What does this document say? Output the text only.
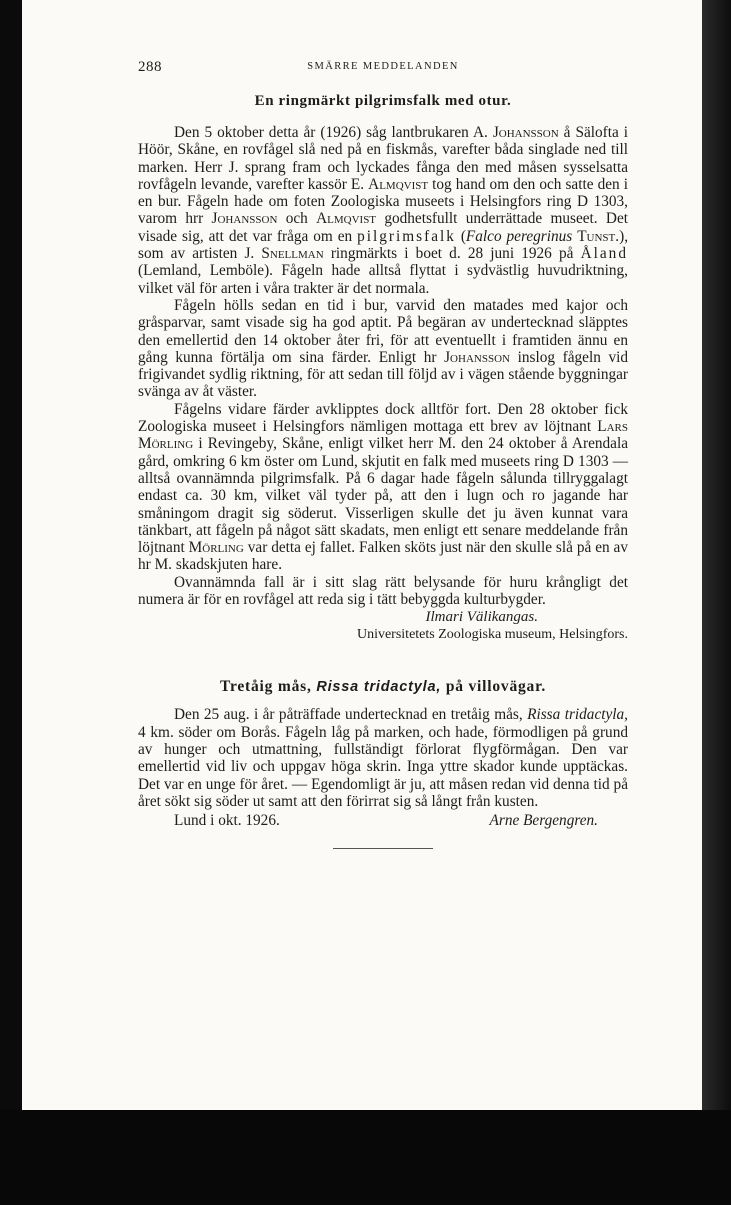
288	SMÄRRE MEDDELANDEN
En ringmärkt pilgrimsfalk med otur.

Den 5 oktober detta år (1926) såg lantbrukaren A. Johansson å Sälofta i Höör, Skåne, en rovfågel slå ned på en fiskmås, varefter båda singlade ned till marken. Herr J. sprang fram och lyckades fånga den med måsen sysselsatta rovfågeln levande, varefter kassör E. Almqvist tog hand om den och satte den i en bur. Fågeln hade om foten Zoologiska museets i Helsingfors ring D 1303, varom hrr Johansson och Almqvist godhetsfullt underrättade museet. Det visade sig, att det var fråga om en pilgrimsfalk (Falco peregrinus Tunst.), som av artisten J. Snellman ringmärkts i boet d. 28 juni 1926 på Åland (Lemland, Lemböle). Fågeln hade alltså flyttat i sydvästlig huvudriktning, vilket väl för arten i våra trakter är det normala.

Fågeln hölls sedan en tid i bur, varvid den matades med kajor och gråsparvar, samt visade sig ha god aptit. På begäran av undertecknad släpptes den emellertid den 14 oktober åter fri, för att eventuellt i framtiden ännu en gång kunna förtälja om sina färder. Enligt hr Johansson inslog fågeln vid frigivandet sydlig riktning, för att sedan till följd av i vägen stående byggningar svänga av åt väster.

Fågelns vidare färder avklipptes dock alltför fort. Den 28 oktober fick Zoologiska museet i Helsingfors nämligen mottaga ett brev av löjtnant Lars Mörling i Revingeby, Skåne, enligt vilket herr M. den 24 oktober å Arendala gård, omkring 6 km öster om Lund, skjutit en falk med museets ring D 1303 — alltså ovannämnda pilgrimsfalk. På 6 dagar hade fågeln sålunda tillryggalagt endast ca. 30 km, vilket väl tyder på, att den i lugn och ro jagande har småningom dragit sig söderut. Visserligen skulle det ju även kunnat vara tänkbart, att fågeln på något sätt skadats, men enligt ett senare meddelande från löjtnant Mörling var detta ej fallet. Falken sköts just när den skulle slå på en av hr M. skadskjuten hare.

Ovannämnda fall är i sitt slag rätt belysande för huru krångligt det numera är för en rovfågel att reda sig i tätt bebyggda kulturbygder.

Ilmari Välikangas.
Universitetets Zoologiska museum, Helsingfors.
Tretåig mås, Rissa tridactyla, på villovägar.

Den 25 aug. i år påträffade undertecknad en tretåig mås, Rissa tridactyla, 4 km. söder om Borås. Fågeln låg på marken, och hade, förmodligen på grund av hunger och utmattning, fullständigt förlorat flygförmågan. Den var emellertid vid liv och uppgav höga skrin. Inga yttre skador kunde upptäckas. Det var en unge för året. — Egendomligt är ju, att måsen redan vid denna tid på året sökt sig söder ut samt att den förirrat sig så långt från kusten.

Lund i okt. 1926.	Arne Bergengren.
